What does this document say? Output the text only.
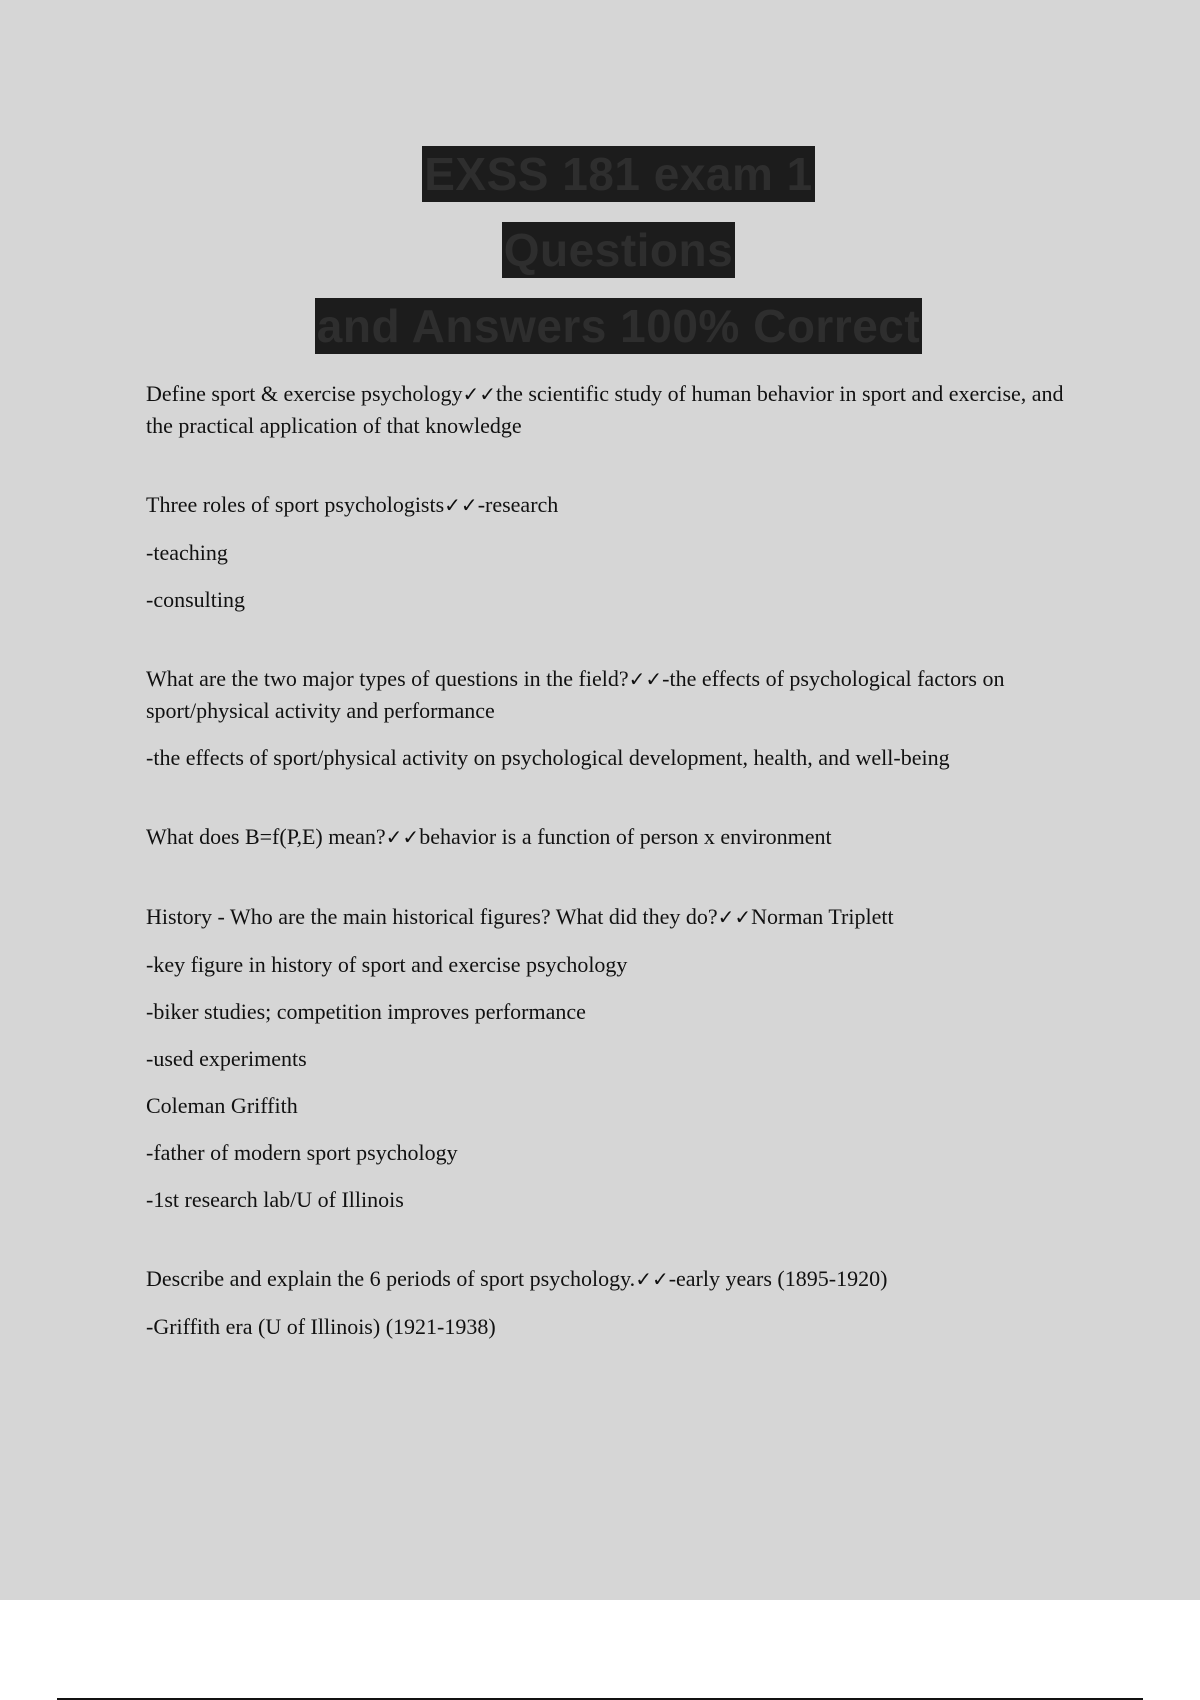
EXSS 181 exam 1
Questions
and Answers 100% Correct
Define sport & exercise psychology✓✓the scientific study of human behavior in sport and exercise, and the practical application of that knowledge
Three roles of sport psychologists✓✓-research
-teaching
-consulting
What are the two major types of questions in the field?✓✓-the effects of psychological factors on sport/physical activity and performance
-the effects of sport/physical activity on psychological development, health, and well-being
What does B=f(P,E) mean?✓✓behavior is a function of person x environment
History - Who are the main historical figures? What did they do?✓✓Norman Triplett
-key figure in history of sport and exercise psychology
-biker studies; competition improves performance
-used experiments
Coleman Griffith
-father of modern sport psychology
-1st research lab/U of Illinois
Describe and explain the 6 periods of sport psychology.✓✓-early years (1895-1920)
-Griffith era (U of Illinois) (1921-1938)
